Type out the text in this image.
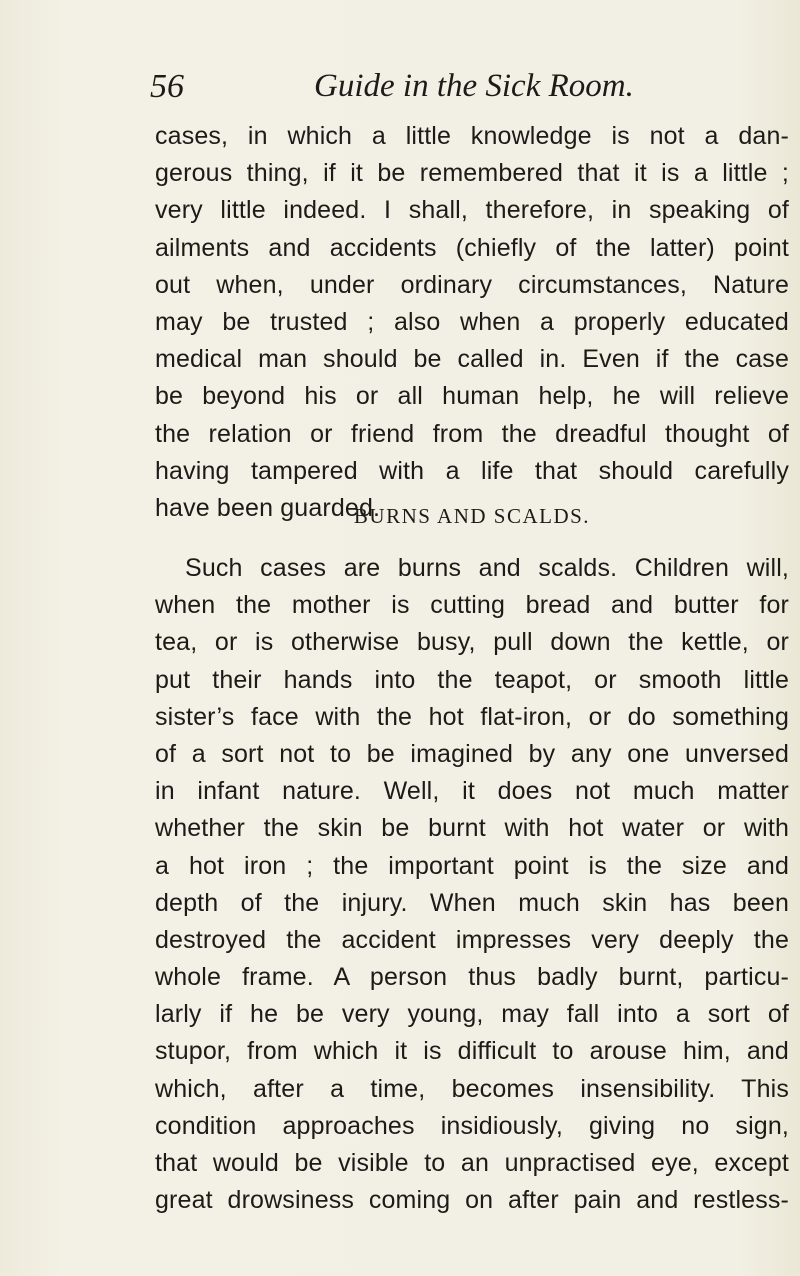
56	Guide in the Sick Room.
cases, in which a little knowledge is not a dan-
gerous thing, if it be remembered that it is a little ;
very little indeed. I shall, therefore, in speaking of
ailments and accidents (chiefly of the latter) point
out when, under ordinary circumstances, Nature
may be trusted ; also when a properly educated
medical man should be called in. Even if the case
be beyond his or all human help, he will relieve
the relation or friend from the dreadful thought of
having tampered with a life that should carefully
have been guarded.
BURNS AND SCALDS.
Such cases are burns and scalds. Children will,
when the mother is cutting bread and butter for
tea, or is otherwise busy, pull down the kettle, or
put their hands into the teapot, or smooth little
sister’s face with the hot flat-iron, or do something
of a sort not to be imagined by any one unversed
in infant nature. Well, it does not much matter
whether the skin be burnt with hot water or with
a hot iron ; the important point is the size and
depth of the injury. When much skin has been
destroyed the accident impresses very deeply the
whole frame. A person thus badly burnt, particu-
larly if he be very young, may fall into a sort of
stupor, from which it is difficult to arouse him, and
which, after a time, becomes insensibility. This
condition approaches insidiously, giving no sign,
that would be visible to an unpractised eye, except
great drowsiness coming on after pain and restless-
